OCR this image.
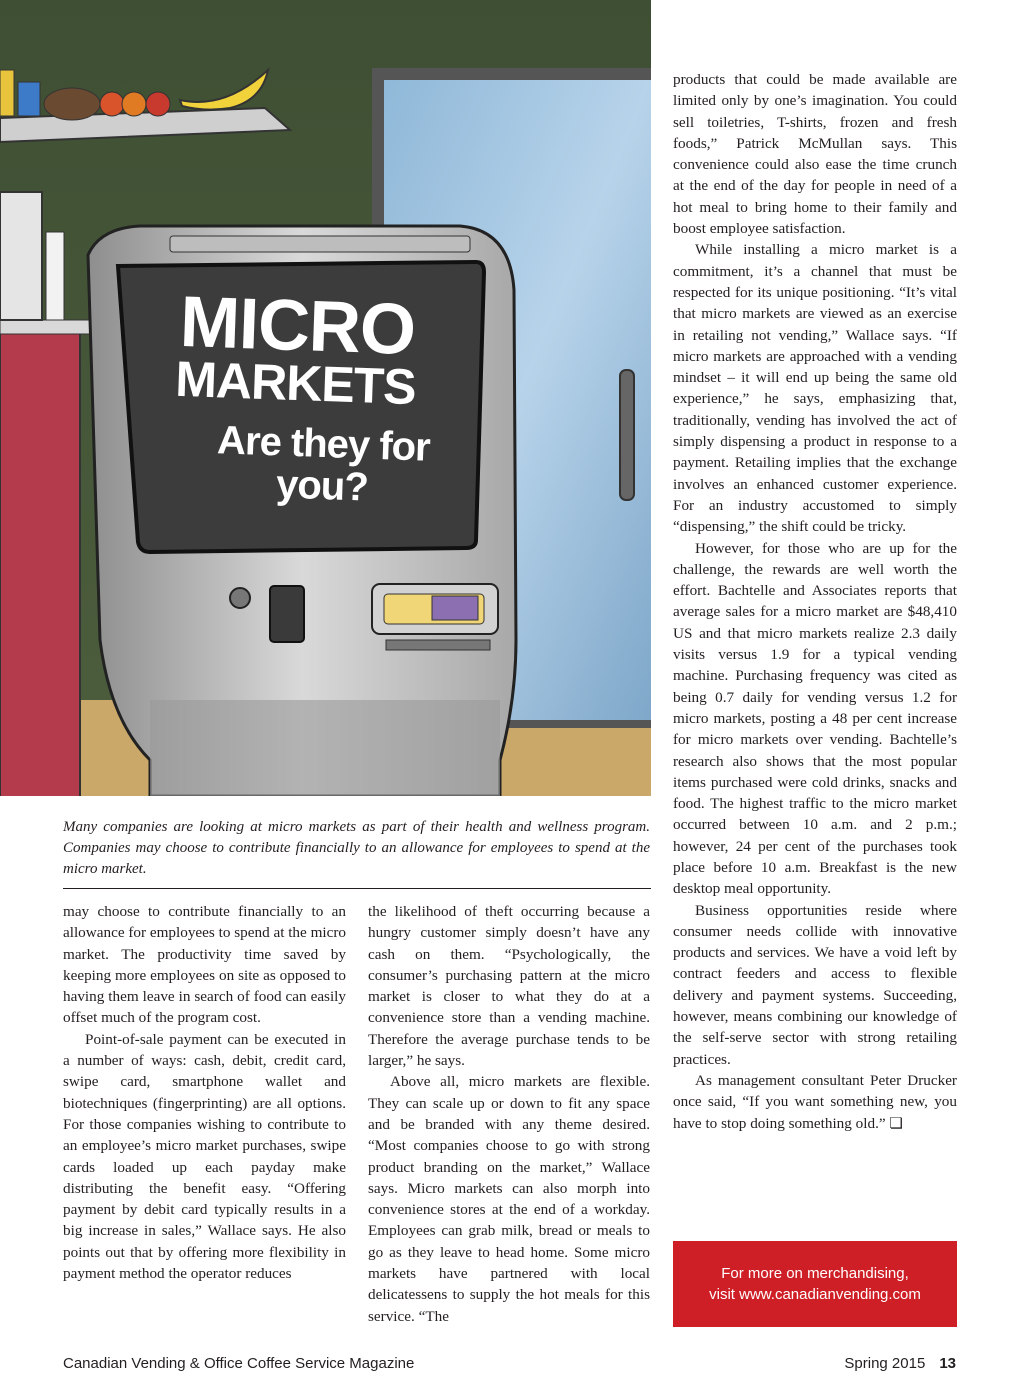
MICRO
MARKETS
Are they for you?

Many companies are looking at micro markets as part of their health and wellness program. Companies may choose to contribute financially to an allowance for employees to spend at the micro market.

may choose to contribute financially to an allowance for employees to spend at the micro market. The productivity time saved by keeping more employees on site as opposed to having them leave in search of food can easily offset much of the program cost.

Point-of-sale payment can be executed in a number of ways: cash, debit, credit card, swipe card, smartphone wallet and biotechniques (fingerprinting) are all options. For those companies wishing to contribute to an employee’s micro market purchases, swipe cards loaded up each payday make distributing the benefit easy. “Offering payment by debit card typically results in a big increase in sales,” Wallace says. He also points out that by offering more flexibility in payment method the operator reduces

the likelihood of theft occurring because a hungry customer simply doesn’t have any cash on them. “Psychologically, the consumer’s purchasing pattern at the micro market is closer to what they do at a convenience store than a vending machine. Therefore the average purchase tends to be larger,” he says.

Above all, micro markets are flexible. They can scale up or down to fit any space and be branded with any theme desired. “Most companies choose to go with strong product branding on the market,” Wallace says. Micro markets can also morph into convenience stores at the end of a workday. Employees can grab milk, bread or meals to go as they leave to head home. Some micro markets have partnered with local delicatessens to supply the hot meals for this service. “The

products that could be made available are limited only by one’s imagination. You could sell toiletries, T-shirts, frozen and fresh foods,” Patrick McMullan says. This convenience could also ease the time crunch at the end of the day for people in need of a hot meal to bring home to their family and boost employee satisfaction.

While installing a micro market is a commitment, it’s a channel that must be respected for its unique positioning. “It’s vital that micro markets are viewed as an exercise in retailing not vending,” Wallace says. “If micro markets are approached with a vending mindset – it will end up being the same old experience,” he says, emphasizing that, traditionally, vending has involved the act of simply dispensing a product in response to a payment. Retailing implies that the exchange involves an enhanced customer experience. For an industry accustomed to simply “dispensing,” the shift could be tricky.

However, for those who are up for the challenge, the rewards are well worth the effort. Bachtelle and Associates reports that average sales for a micro market are $48,410 US and that micro markets realize 2.3 daily visits versus 1.9 for a typical vending machine. Purchasing frequency was cited as being 0.7 daily for vending versus 1.2 for micro markets, posting a 48 per cent increase for micro markets over vending. Bachtelle’s research also shows that the most popular items purchased were cold drinks, snacks and food. The highest traffic to the micro market occurred between 10 a.m. and 2 p.m.; however, 24 per cent of the purchases took place before 10 a.m. Breakfast is the new desktop meal opportunity.

Business opportunities reside where consumer needs collide with innovative products and services. We have a void left by contract feeders and access to flexible delivery and payment systems. Succeeding, however, means combining our knowledge of the self-serve sector with strong retailing practices.

As management consultant Peter Drucker once said, “If you want something new, you have to stop doing something old.” ❏

For more on merchandising,
visit www.canadianvending.com
Canadian Vending & Office Coffee Service Magazine	Spring 2015 13
